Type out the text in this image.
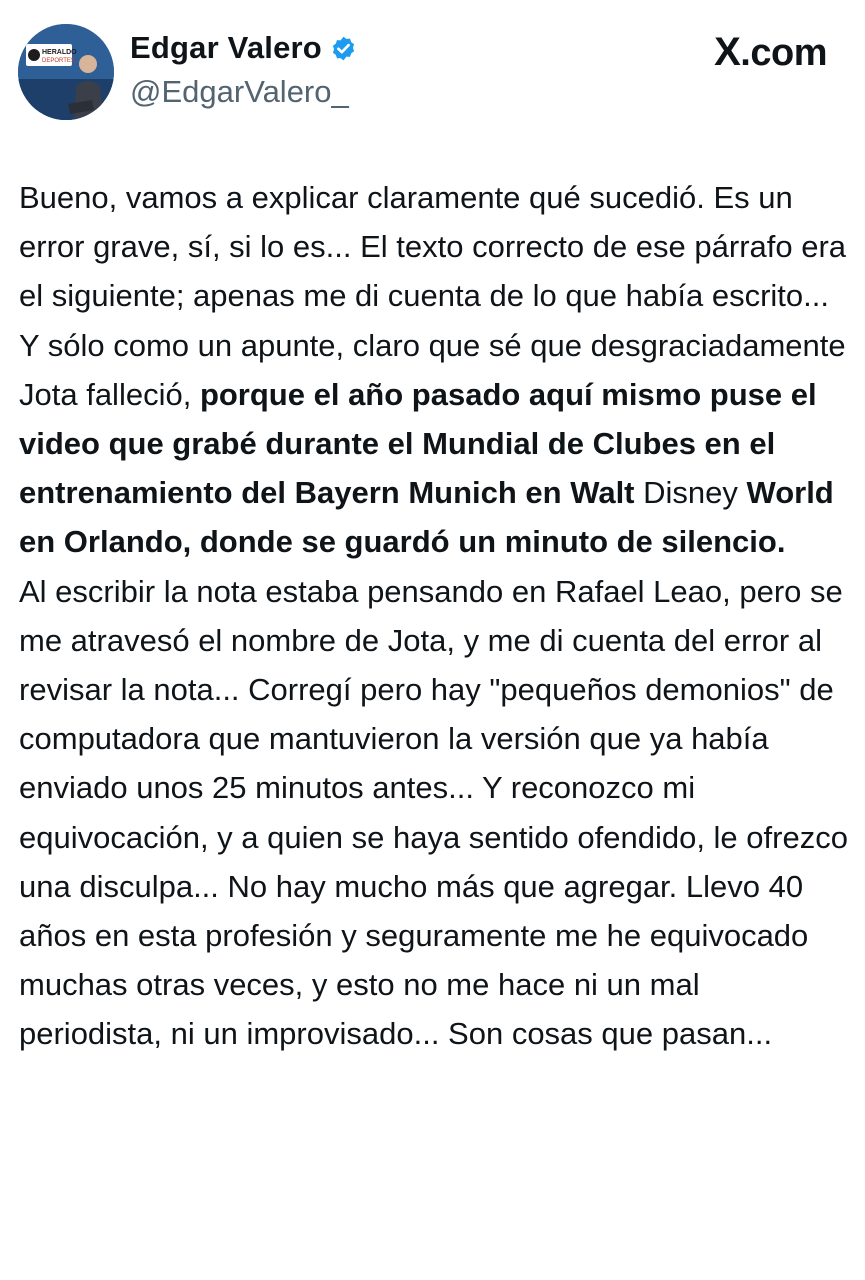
HERALDO
DEPORTES Edgar Valero
@EdgarValero_
X.com

Bueno, vamos a explicar claramente qué sucedió. Es un error grave, sí, si lo es... El texto correcto de ese párrafo era el siguiente; apenas me di cuenta de lo que había escrito... Y sólo como un apunte, claro que sé que desgraciadamente Jota falleció, porque el año pasado aquí mismo puse el video que grabé durante el Mundial de Clubes en el entrenamiento del Bayern Munich en Walt Disney World en Orlando, donde se guardó un minuto de silencio.

Al escribir la nota estaba pensando en Rafael Leao, pero se me atravesó el nombre de Jota, y me di cuenta del error al revisar la nota... Corregí pero hay "pequeños demonios" de computadora que mantuvieron la versión que ya había enviado unos 25 minutos antes... Y reconozco mi equivocación, y a quien se haya sentido ofendido, le ofrezco una disculpa... No hay mucho más que agregar. Llevo 40 años en esta profesión y seguramente me he equivocado muchas otras veces, y esto no me hace ni un mal periodista, ni un improvisado... Son cosas que pasan...
